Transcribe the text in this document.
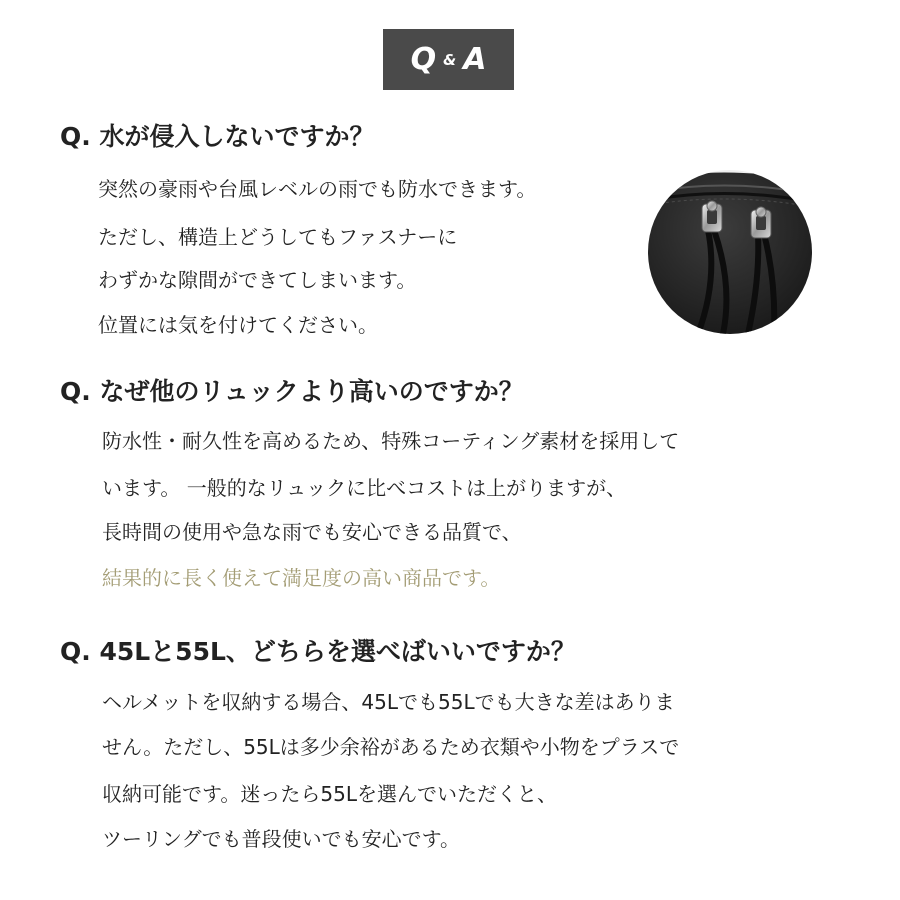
Q & A
Q. 水が侵入しないですか？
突然の豪雨や台風レベルの雨でも防水できます。
ただし、構造上どうしてもファスナーに
わずかな隙間ができてしまいます。
位置には気を付けてください。
Q. なぜ他のリュックより高いのですか？
防水性・耐久性を高めるため、特殊コーティング素材を採用して
います。 一般的なリュックに比べコストは上がりますが、
長時間の使用や急な雨でも安心できる品質で、
結果的に長く使えて満足度の高い商品です。
Q. 45Lと55L、どちらを選べばいいですか？
ヘルメットを収納する場合、45Lでも55Lでも大きな差はありま
せん。ただし、55Lは多少余裕があるため衣類や小物をプラスで
収納可能です。迷ったら55Lを選んでいただくと、
ツーリングでも普段使いでも安心です。
